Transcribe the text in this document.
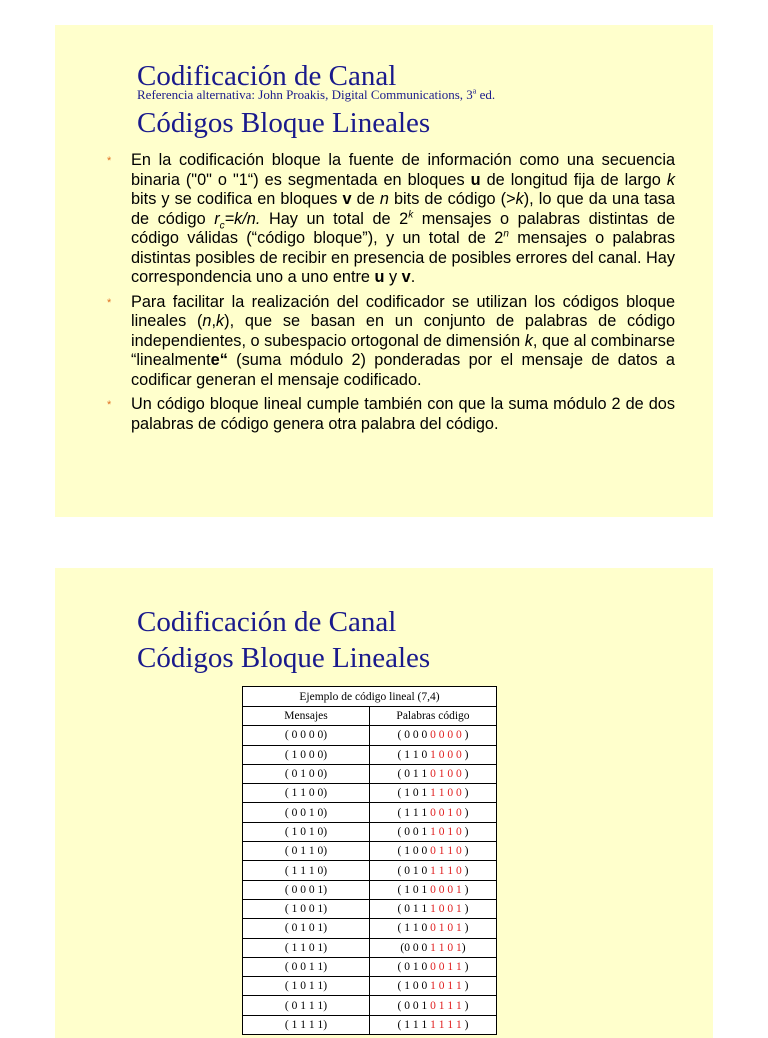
Codificación de Canal
Referencia alternativa: John Proakis, Digital Communications, 3$^a$ ed.
Códigos Bloque Lineales
* En la codificación bloque la fuente de información como una secuencia binaria ("0" o "1“) es segmentada en bloques u de longitud fija de largo k bits y se codifica en bloques v de n bits de código (>k), lo que da una tasa de código $r_c=k/n$. Hay un total de 2$^k$ mensajes o palabras distintas de código válidas (“código bloque”), y un total de 2$^n$ mensajes o palabras distintas posibles de recibir en presencia de posibles errores del canal. Hay correspondencia uno a uno entre u y v.
* Para facilitar la realización del codificador se utilizan los códigos bloque lineales (n,k), que se basan en un conjunto de palabras de código independientes, o subespacio ortogonal de dimensión k, que al combinarse “linealmente“ (suma módulo 2) ponderadas por el mensaje de datos a codificar generan el mensaje codificado.
* Un código bloque lineal cumple también con que la suma módulo 2 de dos palabras de código genera otra palabra del código.
Codificación de Canal
Códigos Bloque Lineales
Ejemplo de código lineal (7,4)	
Mensajes	Palabras código
( 0 0 0 0)	( 0 0 0 0 0 0 0 )
( 1 0 0 0)	( 1 1 0 1 0 0 0 )
( 0 1 0 0)	( 0 1 1 0 1 0 0 )
( 1 1 0 0)	( 1 0 1 1 1 0 0 )
( 0 0 1 0)	( 1 1 1 0 0 1 0 )
( 1 0 1 0)	( 0 0 1 1 0 1 0 )
( 0 1 1 0)	( 1 0 0 0 1 1 0 )
( 1 1 1 0)	( 0 1 0 1 1 1 0 )
( 0 0 0 1)	( 1 0 1 0 0 0 1 )
( 1 0 0 1)	( 0 1 1 1 0 0 1 )
( 0 1 0 1)	( 1 1 0 0 1 0 1 )
( 1 1 0 1)	(0 0 0 1 1 0 1)
( 0 0 1 1)	( 0 1 0 0 0 1 1 )
( 1 0 1 1)	( 1 0 0 1 0 1 1 )
( 0 1 1 1)	( 0 0 1 0 1 1 1 )
( 1 1 1 1)	( 1 1 1 1 1 1 1 )
